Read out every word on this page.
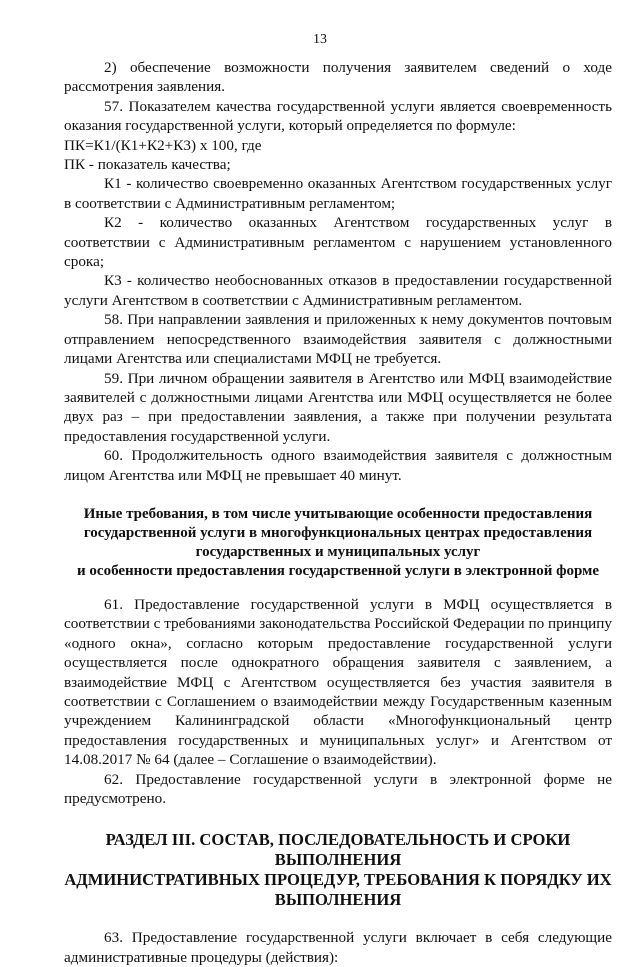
13

2) обеспечение возможности получения заявителем сведений о ходе рассмотрения заявления.

57. Показателем качества государственной услуги является своевременность оказания государственной услуги, который определяется по формуле:

ПК=К1/(К1+К2+К3) х 100, где

ПК - показатель качества;

К1 - количество своевременно оказанных Агентством государственных услуг в соответствии с Административным регламентом;

К2 - количество оказанных Агентством государственных услуг в соответствии с Административным регламентом с нарушением установленного срока;

К3 - количество необоснованных отказов в предоставлении государственной услуги Агентством в соответствии с Административным регламентом.

58. При направлении заявления и приложенных к нему документов почтовым отправлением непосредственного взаимодействия заявителя с должностными лицами Агентства или специалистами МФЦ не требуется.

59. При личном обращении заявителя в Агентство или МФЦ взаимодействие заявителей с должностными лицами Агентства или МФЦ осуществляется не более двух раз – при предоставлении заявления, а также при получении результата предоставления государственной услуги.

60. Продолжительность одного взаимодействия заявителя с должностным лицом Агентства или МФЦ не превышает 40 минут.

Иные требования, в том числе учитывающие особенности предоставления
государственной услуги в многофункциональных центрах предоставления
государственных и муниципальных услуг
и особенности предоставления государственной услуги в электронной форме

61. Предоставление государственной услуги в МФЦ осуществляется в соответствии с требованиями законодательства Российской Федерации по принципу «одного окна», согласно которым предоставление государственной услуги осуществляется после однократного обращения заявителя с заявлением, а взаимодействие МФЦ с Агентством осуществляется без участия заявителя в соответствии с Соглашением о взаимодействии между Государственным казенным учреждением Калининградской области «Многофункциональный центр предоставления государственных и муниципальных услуг» и Агентством от 14.08.2017 № 64 (далее – Соглашение о взаимодействии).

62. Предоставление государственной услуги в электронной форме не предусмотрено.

РАЗДЕЛ III. СОСТАВ, ПОСЛЕДОВАТЕЛЬНОСТЬ И СРОКИ ВЫПОЛНЕНИЯ
АДМИНИСТРАТИВНЫХ ПРОЦЕДУР, ТРЕБОВАНИЯ К ПОРЯДКУ ИХ
ВЫПОЛНЕНИЯ

63. Предоставление государственной услуги включает в себя следующие административные процедуры (действия):
